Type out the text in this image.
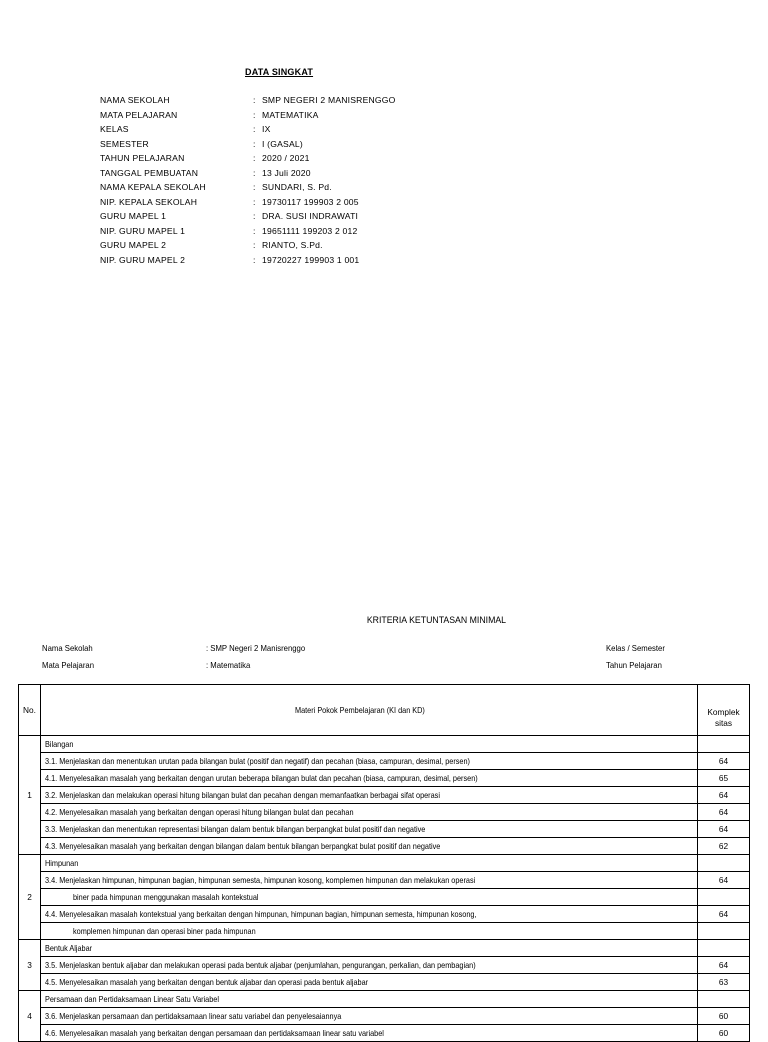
DATA SINGKAT
NAMA SEKOLAH	: SMP NEGERI 2 MANISRENGGO
MATA PELAJARAN	: MATEMATIKA
KELAS	: IX
SEMESTER	: I (GASAL)
TAHUN PELAJARAN	: 2020 / 2021
TANGGAL PEMBUATAN	: 13 Juli 2020
NAMA KEPALA SEKOLAH	: SUNDARI, S. Pd.
NIP. KEPALA SEKOLAH	: 19730117 199903 2 005
GURU MAPEL 1	: DRA. SUSI INDRAWATI
NIP. GURU MAPEL 1	: 19651111 199203 2 012
GURU MAPEL 2	: RIANTO, S.Pd.
NIP. GURU MAPEL 2	: 19720227 199903 1 001
KRITERIA KETUNTASAN MINIMAL
Nama Sekolah	: SMP Negeri 2 Manisrenggo	Kelas / Semester
Mata Pelajaran	: Matematika	Tahun Pelajaran
No.	Materi Pokok Pembelajaran (KI dan KD)	Komplek
sitas
1	Bilangan	
	3.1. Menjelaskan dan menentukan urutan pada bilangan bulat (positif dan negatif) dan pecahan (biasa, campuran, desimal, persen)	64
	4.1. Menyelesaikan masalah yang berkaitan dengan urutan beberapa bilangan bulat dan pecahan (biasa, campuran, desimal, persen)	65
	3.2. Menjelaskan dan melakukan operasi hitung bilangan bulat dan pecahan dengan memanfaatkan berbagai sifat operasi	64
	4.2. Menyelesaikan masalah yang berkaitan dengan operasi hitung bilangan bulat dan pecahan	64
	3.3. Menjelaskan dan menentukan representasi bilangan dalam bentuk bilangan berpangkat bulat positif dan negative	64
	4.3. Menyelesaikan masalah yang berkaitan dengan bilangan dalam bentuk bilangan berpangkat bulat positif dan negative	62
2	Himpunan	
	3.4. Menjelaskan himpunan, himpunan bagian, himpunan semesta, himpunan kosong, komplemen himpunan dan melakukan operasi	64
	biner pada himpunan menggunakan masalah kontekstual	
	4.4. Menyelesaikan masalah kontekstual yang berkaitan dengan himpunan, himpunan bagian, himpunan semesta, himpunan kosong,	64
	komplemen himpunan dan operasi biner pada himpunan	
3	Bentuk Aljabar	
	3.5. Menjelaskan bentuk aljabar dan melakukan operasi pada bentuk aljabar (penjumlahan, pengurangan, perkalian, dan pembagian)	64
	4.5. Menyelesaikan masalah yang berkaitan dengan bentuk aljabar dan operasi pada bentuk aljabar	63
4	Persamaan dan Pertidaksamaan Linear Satu Variabel	
	3.6. Menjelaskan persamaan dan pertidaksamaan linear satu variabel dan penyelesaiannya	60
	4.6. Menyelesaikan masalah yang berkaitan dengan persamaan dan pertidaksamaan linear satu variabel	60
